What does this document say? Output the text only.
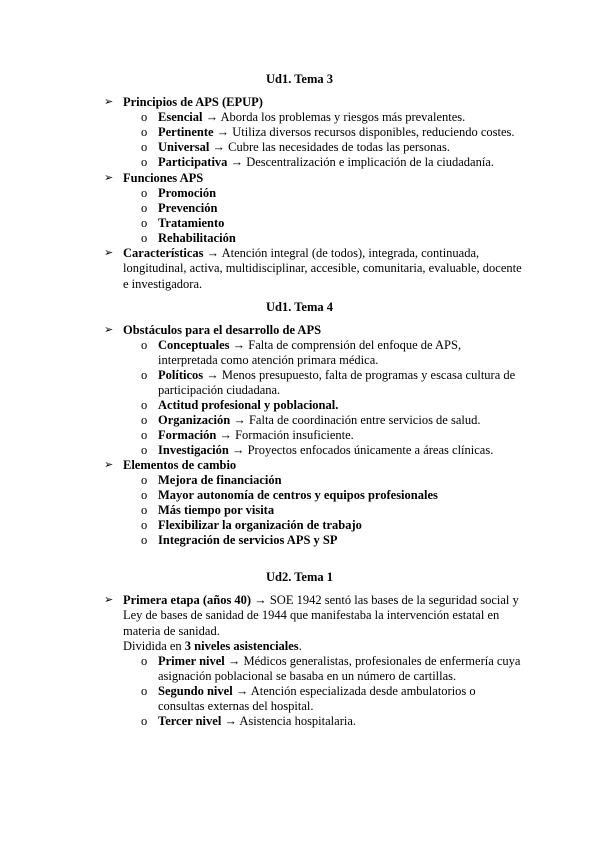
Ud1. Tema 3
➢ Principios de APS (EPUP)
o Esencial → Aborda los problemas y riesgos más prevalentes.
o Pertinente → Utiliza diversos recursos disponibles, reduciendo costes.
o Universal → Cubre las necesidades de todas las personas.
o Participativa → Descentralización e implicación de la ciudadanía.
➢ Funciones APS
o Promoción
o Prevención
o Tratamiento
o Rehabilitación
➢ Características → Atención integral (de todos), integrada, continuada, longitudinal, activa, multidisciplinar, accesible, comunitaria, evaluable, docente e investigadora.
Ud1. Tema 4
➢ Obstáculos para el desarrollo de APS
o Conceptuales → Falta de comprensión del enfoque de APS, interpretada como atención primara médica.
o Políticos → Menos presupuesto, falta de programas y escasa cultura de participación ciudadana.
o Actitud profesional y poblacional.
o Organización → Falta de coordinación entre servicios de salud.
o Formación → Formación insuficiente.
o Investigación → Proyectos enfocados únicamente a áreas clínicas.
➢ Elementos de cambio
o Mejora de financiación
o Mayor autonomía de centros y equipos profesionales
o Más tiempo por visita
o Flexibilizar la organización de trabajo
o Integración de servicios APS y SP
Ud2. Tema 1
➢ Primera etapa (años 40) → SOE 1942 sentó las bases de la seguridad social y Ley de bases de sanidad de 1944 que manifestaba la intervención estatal en materia de sanidad.
Dividida en 3 niveles asistenciales.
o Primer nivel → Médicos generalistas, profesionales de enfermería cuya asignación poblacional se basaba en un número de cartillas.
o Segundo nivel → Atención especializada desde ambulatorios o consultas externas del hospital.
o Tercer nivel → Asistencia hospitalaria.
